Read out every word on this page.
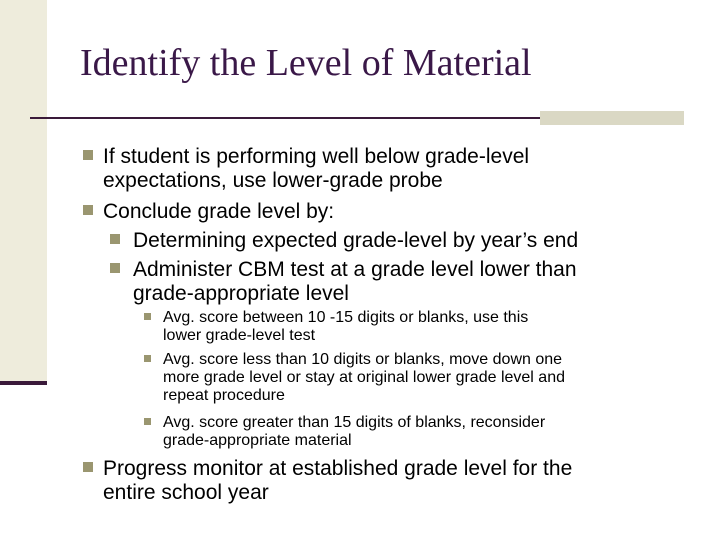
Identify the Level of Material
If student is performing well below grade-level
expectations, use lower-grade probe
Conclude grade level by:
Determining expected grade-level by year’s end
Administer CBM test at a grade level lower than
grade-appropriate level
Avg. score between 10 -15 digits or blanks, use this
lower grade-level test
Avg. score less than 10 digits or blanks, move down one
more grade level or stay at original lower grade level and
repeat procedure
Avg. score greater than 15 digits of blanks, reconsider
grade-appropriate material
Progress monitor at established grade level for the
entire school year
